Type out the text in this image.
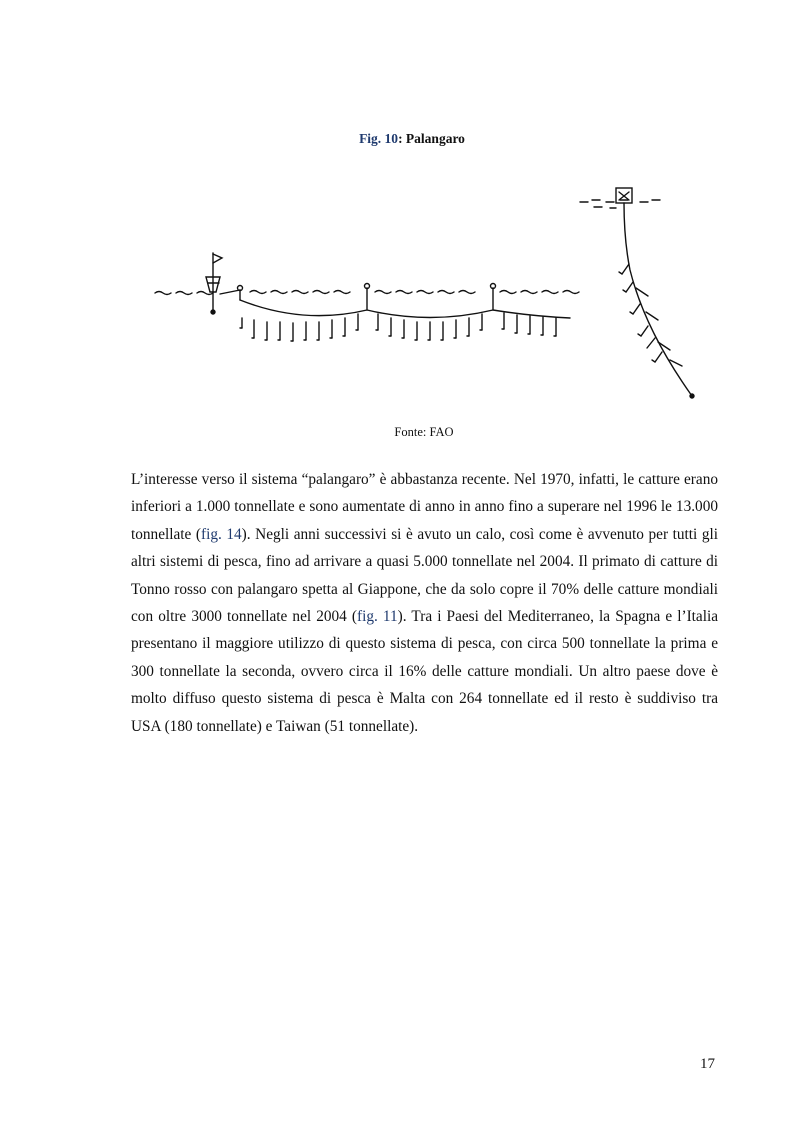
Fig. 10: Palangaro
Fonte: FAO

L’interesse verso il sistema “palangaro” è abbastanza recente. Nel 1970, infatti, le catture erano inferiori a 1.000 tonnellate e sono aumentate di anno in anno fino a superare nel 1996 le 13.000 tonnellate (fig. 14). Negli anni successivi si è avuto un calo, così come è avvenuto per tutti gli altri sistemi di pesca, fino ad arrivare a quasi 5.000 tonnellate nel 2004. Il primato di catture di Tonno rosso con palangaro spetta al Giappone, che da solo copre il 70% delle catture mondiali con oltre 3000 tonnellate nel 2004 (fig. 11). Tra i Paesi del Mediterraneo, la Spagna e l’Italia presentano il maggiore utilizzo di questo sistema di pesca, con circa 500 tonnellate la prima e 300 tonnellate la seconda, ovvero circa il 16% delle catture mondiali. Un altro paese dove è molto diffuso questo sistema di pesca è Malta con 264 tonnellate ed il resto è suddiviso tra USA (180 tonnellate) e Taiwan (51 tonnellate).

17
